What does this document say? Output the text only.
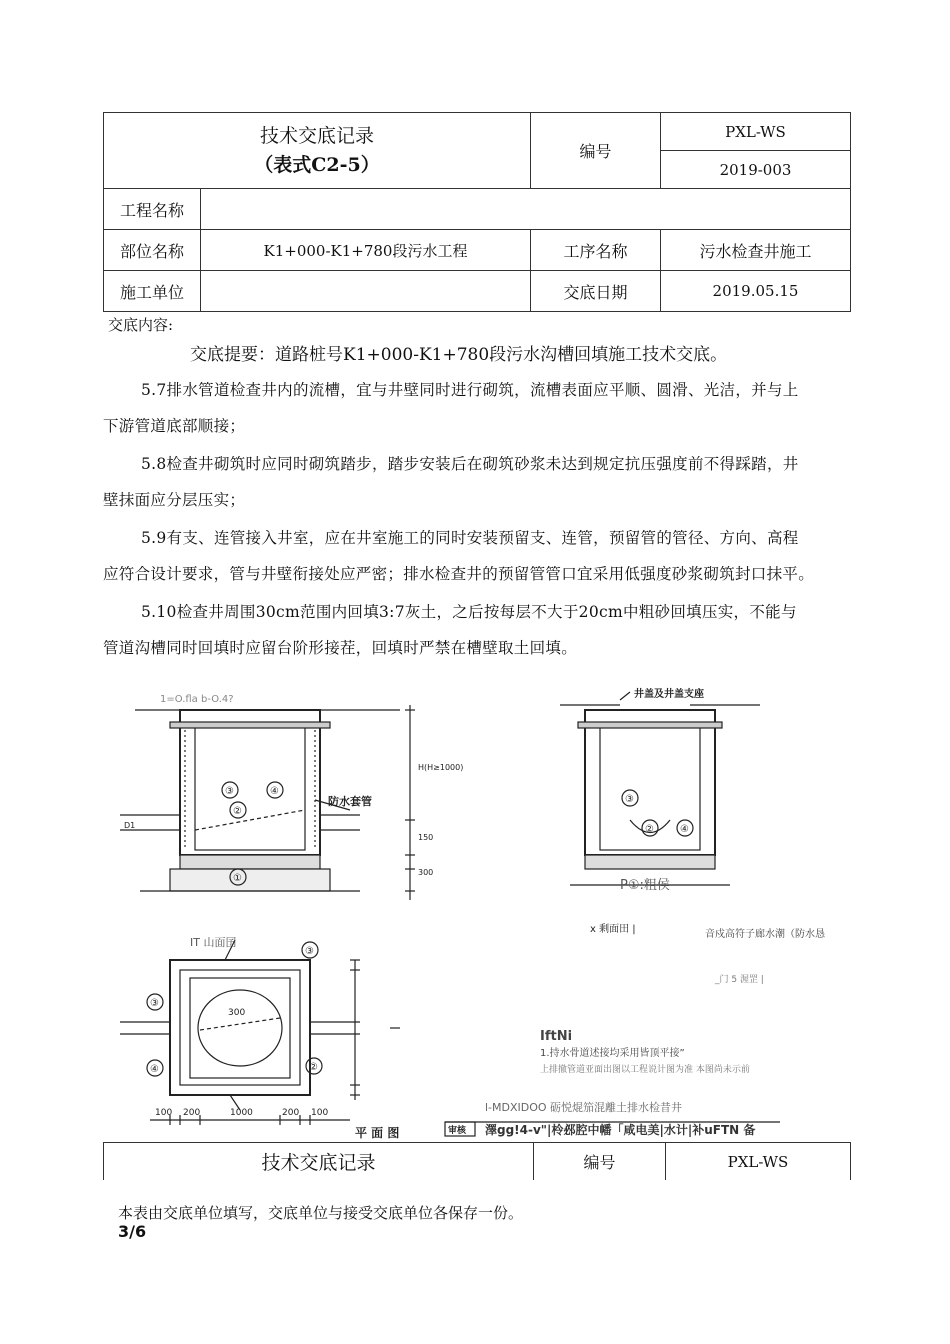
技术交底记录
（表式C2-5）		编号	PXL-WS
			2019-003
工程名称			
部位名称	K1+000-K1+780段污水工程	工序名称	污水检查井施工
施工单位		交底日期	2019.05.15
交底内容:
交底提要：道路桩号K1+000-K1+780段污水沟槽回填施工技术交底。

5.7排水管道检查井内的流槽，宜与井壁同时进行砌筑，流槽表面应平顺、圆滑、光洁，并与上

下游管道底部顺接；

5.8检查井砌筑时应同时砌筑踏步，踏步安装后在砌筑砂浆未达到规定抗压强度前不得踩踏，井

壁抹面应分层压实；

5.9有支、连管接入井室，应在井室施工的同时安装预留支、连管，预留管的管径、方向、高程

应符合设计要求，管与井壁衔接处应严密；排水检查井的预留管管口宜采用低强度砂浆砌筑封口抹平。

5.10检查井周围30cm范围内回填3:7灰土，之后按每层不大于20cm中粗砂回填压实，不能与

管道沟槽同时回填时应留台阶形接茬，回填时严禁在槽壁取土回填。

1=O.fla b-O.4?
防水套管
井盖及井盖支座
P①:粗侯
x 剩面田 |
IT 山面囝
IftNi
1.持水骨道述接均采用皆顶平接”
上排撤管道亚面出图以工程说计图为准 本图尚未示前
音戍高符子廊水潮（防水恳
_门 5 渥罡 |
平 面 图
l-MDXIDOO 砺悦焜笳混離土排水检昔井
澤gg!4-v"|柃邲腔中幡「咸电美|水计|补uFTN 备
审核
100 200	1000	200 100
300
300
150
H(H≥1000)
D1
③
②
④
①
③
②	④
③
④
③
②
技术交底记录	编号	PXL-WS
本表由交底单位填写，交底单位与接受交底单位各保存一份。
3/6
